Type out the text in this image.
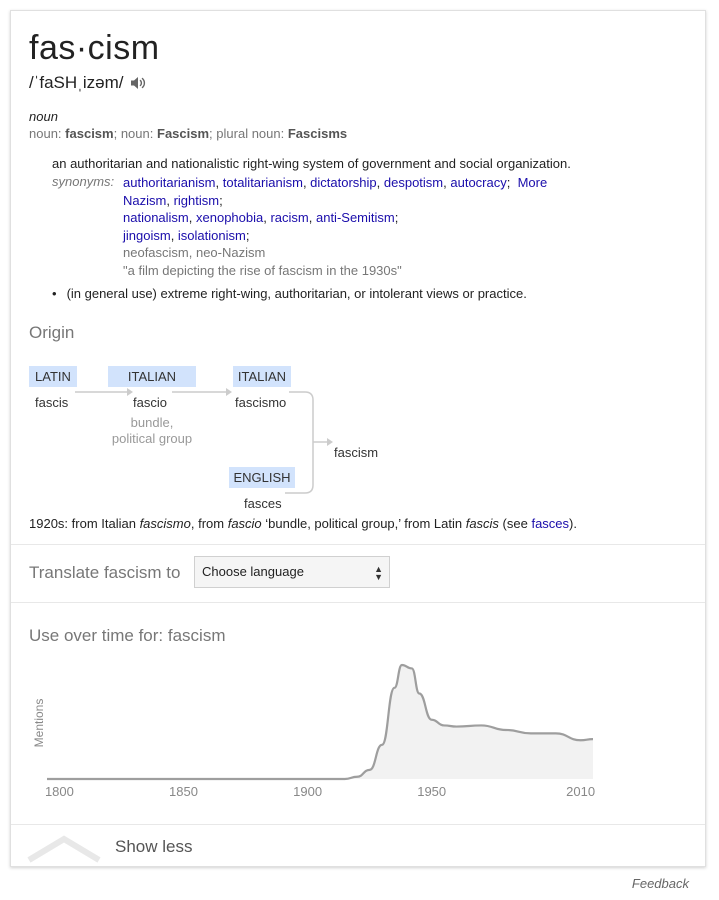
fas·cism
/ˈfaSHˌizəm/
noun
noun: fascism; noun: Fascism; plural noun: Fascisms
an authoritarian and nationalistic right-wing system of government and social organization.
synonyms: authoritarianism, totalitarianism, dictatorship, despotism, autocracy;  More
Nazism, rightism;
nationalism, xenophobia, racism, anti-Semitism;
jingoism, isolationism;
neofascism, neo-Nazism
"a film depicting the rise of fascism in the 1930s"
• (in general use) extreme right-wing, authoritarian, or intolerant views or practice.
Origin
LATIN
fascis
ITALIAN
fascio
bundle,
political group
ITALIAN
fascismo
ENGLISH
fasces
fascism
1920s: from Italian fascismo, from fascio ‘bundle, political group,’ from Latin fascis (see fasces).
Translate fascism to	Choose language	▲
▼
Use over time for: fascism
Mentions
1800	1850	1900	1950	2010
Show less
Feedback
